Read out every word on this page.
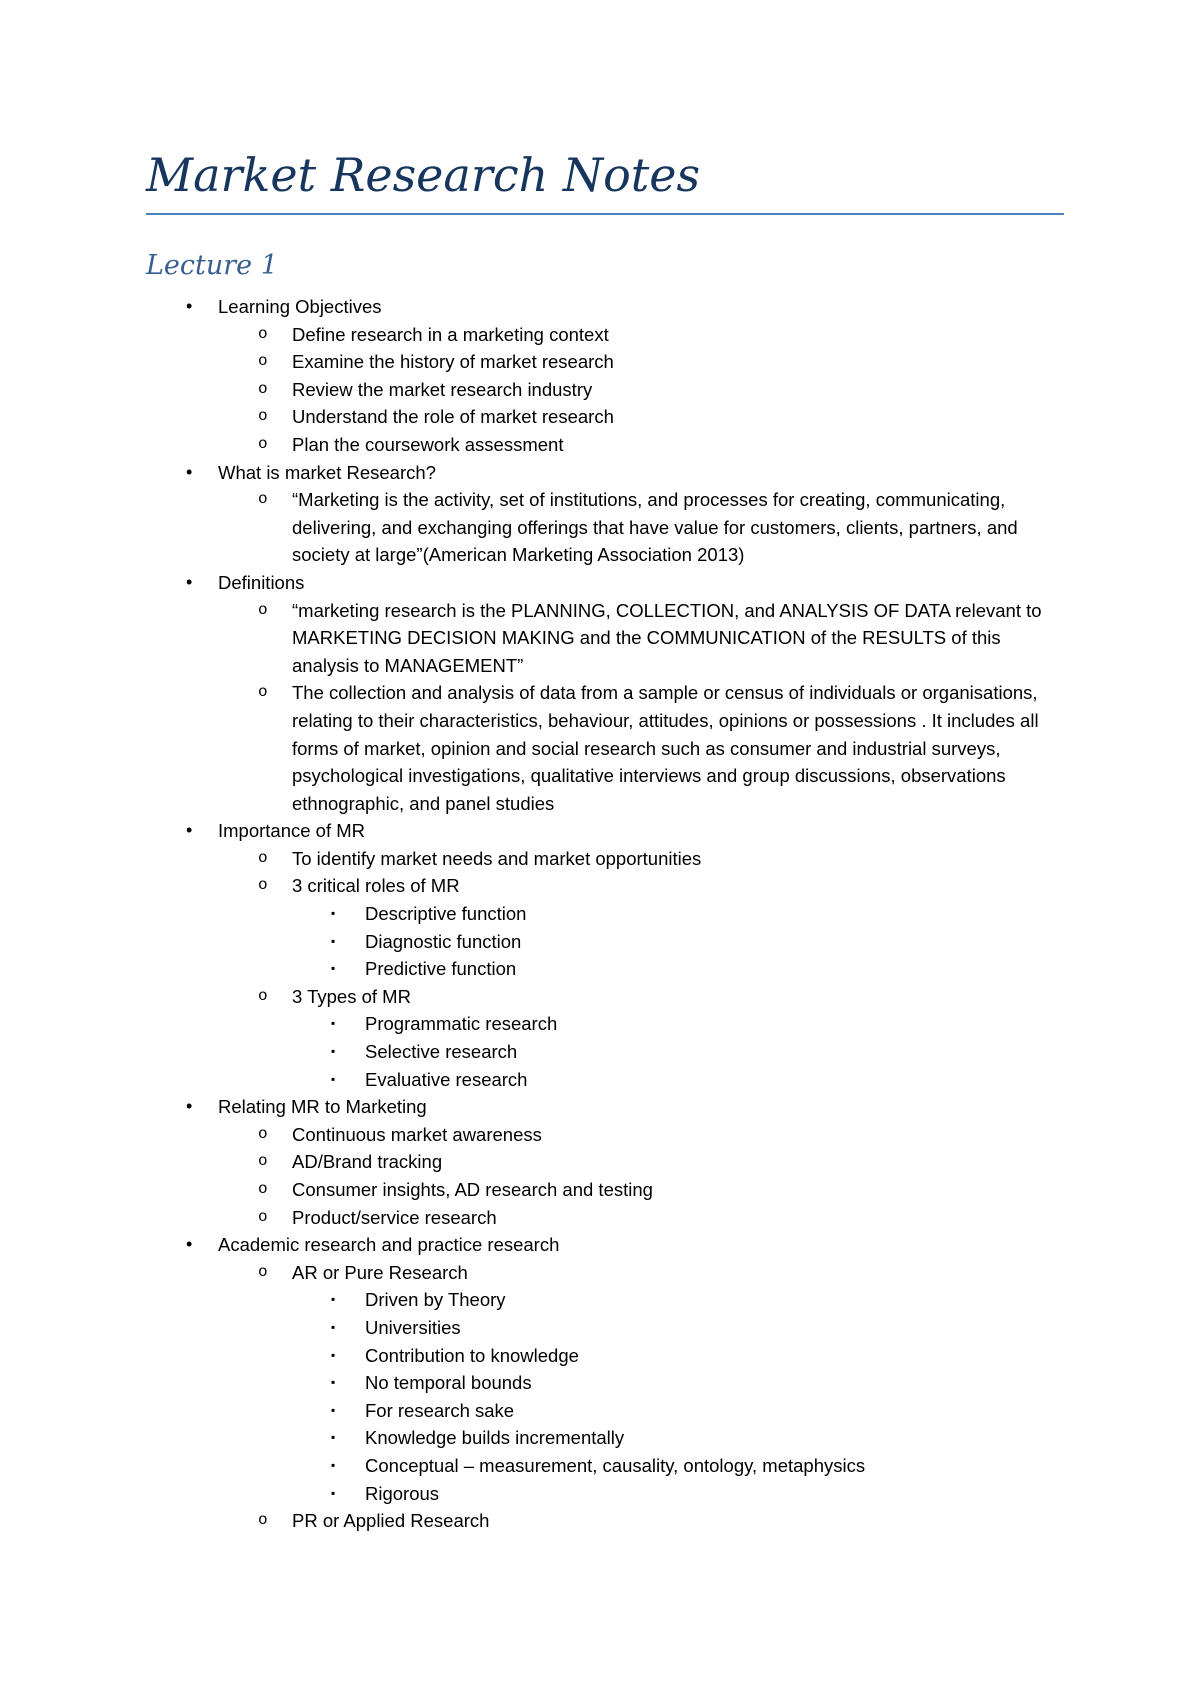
Market Research Notes
Lecture 1
• Learning Objectives
o Define research in a marketing context
o Examine the history of market research
o Review the market research industry
o Understand the role of market research
o Plan the coursework assessment
• What is market Research?
o “Marketing is the activity, set of institutions, and processes for creating, communicating, delivering, and exchanging offerings that have value for customers, clients, partners, and society at large”(American Marketing Association 2013)
• Definitions
o “marketing research is the PLANNING, COLLECTION, and ANALYSIS OF DATA relevant to MARKETING DECISION MAKING and the COMMUNICATION of the RESULTS of this analysis to MANAGEMENT”
o The collection and analysis of data from a sample or census of individuals or organisations, relating to their characteristics, behaviour, attitudes, opinions or possessions . It includes all forms of market, opinion and social research such as consumer and industrial surveys, psychological investigations, qualitative interviews and group discussions, observations ethnographic, and panel studies
• Importance of MR
o To identify market needs and market opportunities
o 3 critical roles of MR
▪ Descriptive function
▪ Diagnostic function
▪ Predictive function
o 3 Types of MR
▪ Programmatic research
▪ Selective research
▪ Evaluative research
• Relating MR to Marketing
o Continuous market awareness
o AD/Brand tracking
o Consumer insights, AD research and testing
o Product/service research
• Academic research and practice research
o AR or Pure Research
▪ Driven by Theory
▪ Universities
▪ Contribution to knowledge
▪ No temporal bounds
▪ For research sake
▪ Knowledge builds incrementally
▪ Conceptual – measurement, causality, ontology, metaphysics
▪ Rigorous
o PR or Applied Research
